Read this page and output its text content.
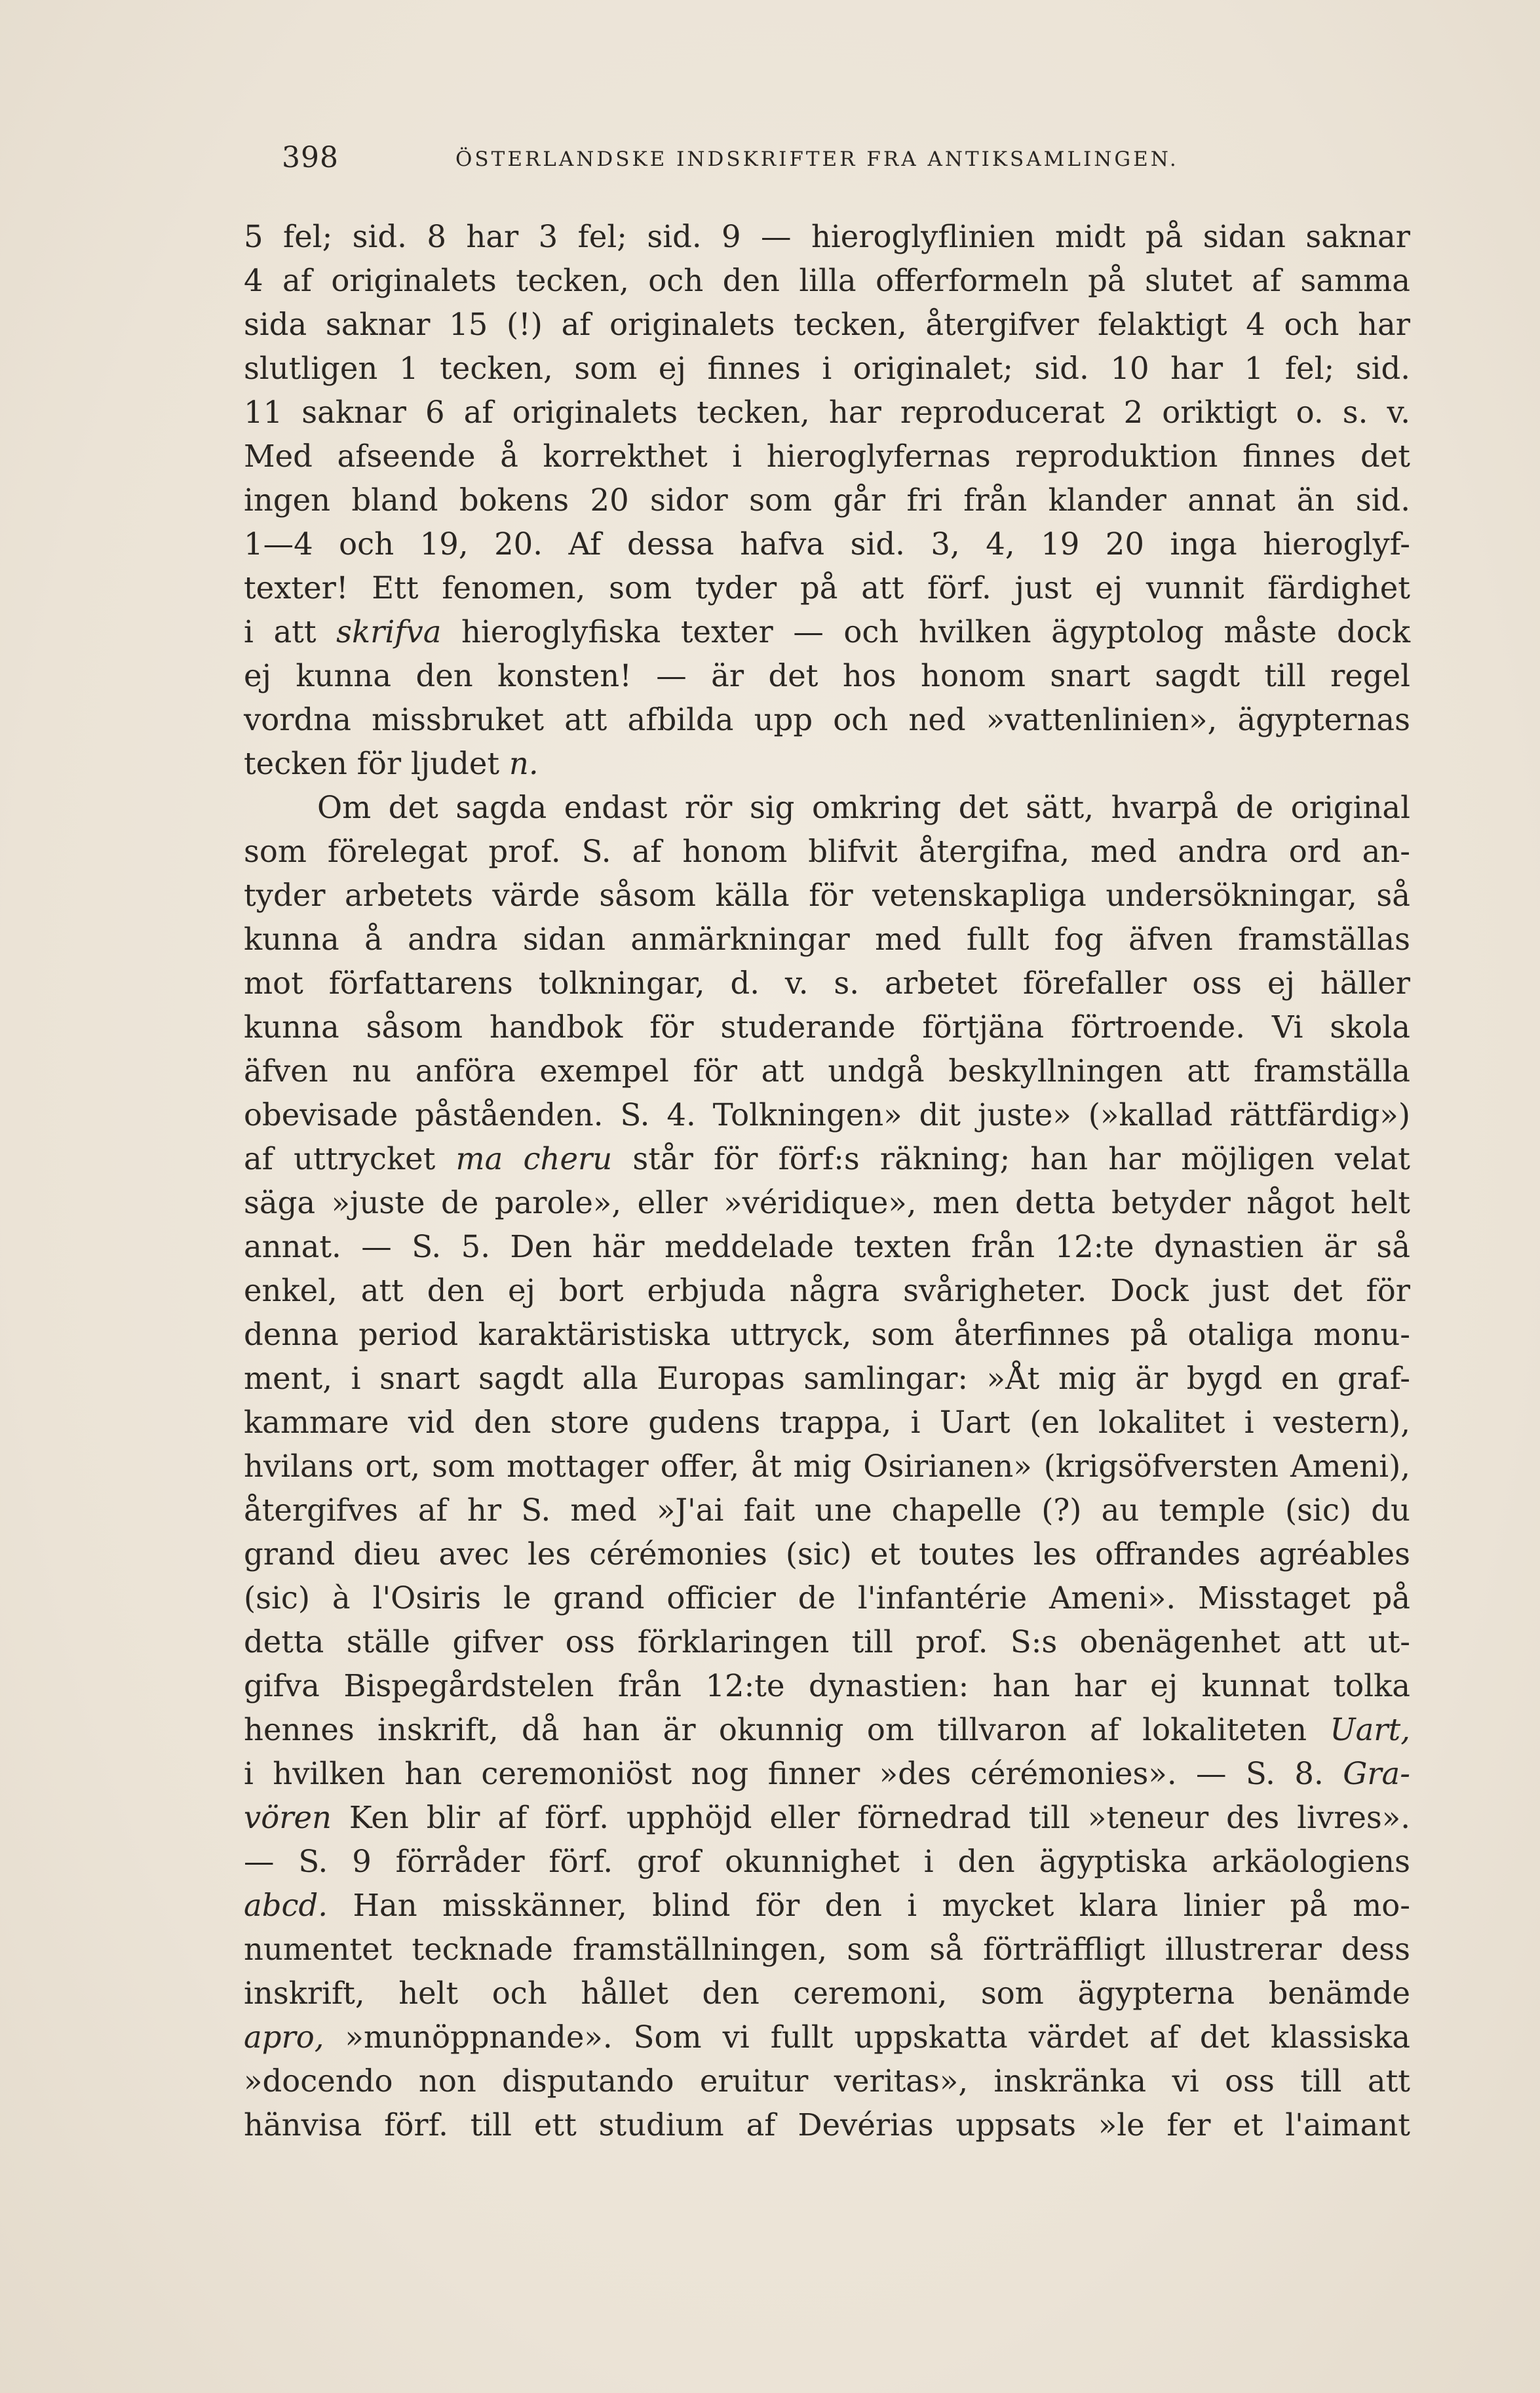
398	ÖSTERLANDSKE INDSKRIFTER FRA ANTIKSAMLINGEN.
5 fel; sid. 8 har 3 fel; sid. 9 — hieroglyflinien midt på sidan saknar
4 af originalets tecken, och den lilla offerformeln på slutet af samma
sida saknar 15 (!) af originalets tecken, återgifver felaktigt 4 och har
slutligen 1 tecken, som ej finnes i originalet; sid. 10 har 1 fel; sid.
11 saknar 6 af originalets tecken, har reproducerat 2 oriktigt o. s. v.
Med afseende å korrekthet i hieroglyfernas reproduktion finnes det
ingen bland bokens 20 sidor som går fri från klander annat än sid.
1—4 och 19, 20. Af dessa hafva sid. 3, 4, 19 20 inga hieroglyf-
texter! Ett fenomen, som tyder på att förf. just ej vunnit färdighet
i att skrifva hieroglyfiska texter — och hvilken ägyptolog måste dock
ej kunna den konsten! — är det hos honom snart sagdt till regel
vordna missbruket att afbilda upp och ned »vattenlinien», ägypternas
tecken för ljudet n.
Om det sagda endast rör sig omkring det sätt, hvarpå de original
som förelegat prof. S. af honom blifvit återgifna, med andra ord an-
tyder arbetets värde såsom källa för vetenskapliga undersökningar, så
kunna å andra sidan anmärkningar med fullt fog äfven framställas
mot författarens tolkningar, d. v. s. arbetet förefaller oss ej häller
kunna såsom handbok för studerande förtjäna förtroende. Vi skola
äfven nu anföra exempel för att undgå beskyllningen att framställa
obevisade påståenden. S. 4. Tolkningen» dit juste» (»kallad rättfärdig»)
af uttrycket ma cheru står för förf:s räkning; han har möjligen velat
säga »juste de parole», eller »véridique», men detta betyder något helt
annat. — S. 5. Den här meddelade texten från 12:te dynastien är så
enkel, att den ej bort erbjuda några svårigheter. Dock just det för
denna period karaktäristiska uttryck, som återfinnes på otaliga monu-
ment, i snart sagdt alla Europas samlingar: »Åt mig är bygd en graf-
kammare vid den store gudens trappa, i Uart (en lokalitet i vestern),
hvilans ort, som mottager offer, åt mig Osirianen» (krigsöfversten Ameni),
återgifves af hr S. med »J'ai fait une chapelle (?) au temple (sic) du
grand dieu avec les cérémonies (sic) et toutes les offrandes agréables
(sic) à l'Osiris le grand officier de l'infantérie Ameni». Misstaget på
detta ställe gifver oss förklaringen till prof. S:s obenägenhet att ut-
gifva Bispegårdstelen från 12:te dynastien: han har ej kunnat tolka
hennes inskrift, då han är okunnig om tillvaron af lokaliteten Uart,
i hvilken han ceremoniöst nog finner »des cérémonies». — S. 8. Gra-
vören Ken blir af förf. upphöjd eller förnedrad till »teneur des livres».
— S. 9 förråder förf. grof okunnighet i den ägyptiska arkäologiens
abcd. Han misskänner, blind för den i mycket klara linier på mo-
numentet tecknade framställningen, som så förträffligt illustrerar dess
inskrift, helt och hållet den ceremoni, som ägypterna benämde
apro, »munöppnande». Som vi fullt uppskatta värdet af det klassiska
»docendo non disputando eruitur veritas», inskränka vi oss till att
hänvisa förf. till ett studium af Devérias uppsats »le fer et l'aimant
